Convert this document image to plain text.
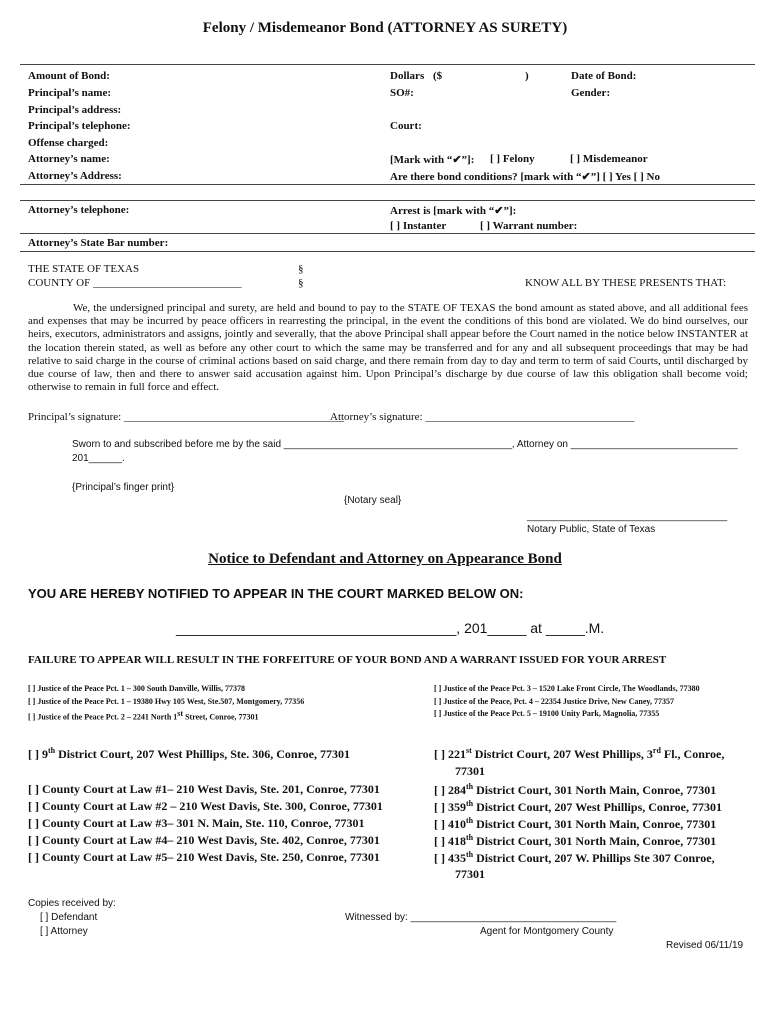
Felony / Misdemeanor Bond (ATTORNEY AS SURETY)
Amount of Bond:	Dollars ($	)	Date of Bond:
Principal’s name:	SO#:	Gender:
Principal’s address:
Principal’s telephone:	Court:
Offense charged:
Attorney’s name:	[Mark with “✔”]: [ ] Felony	[ ] Misdemeanor
Attorney’s Address:	Are there bond conditions? [mark with “✔”] [ ] Yes [ ] No
Attorney’s telephone:	Arrest is [mark with “✔”]:
[ ] Instanter	[ ] Warrant number:
Attorney’s State Bar number:
THE STATE OF TEXAS	§
COUNTY OF ___________________________	§	KNOW ALL BY THESE PRESENTS THAT:
We, the undersigned principal and surety, are held and bound to pay to the STATE OF TEXAS the bond amount as stated above, and all additional fees and expenses that may be incurred by peace officers in rearresting the principal, in the event the conditions of this bond are violated. We do bind ourselves, our heirs, executors, administrators and assigns, jointly and severally, that the above Principal shall appear before the Court named in the notice below INSTANTER at the location therein stated, as well as before any other court to which the same may be transferred and for any and all subsequent proceedings that may be had relative to said charge in the course of criminal actions based on said charge, and there remain from day to day and term to term of said Courts, until discharged by due course of law, then and there to answer said accusation against him. Upon Principal’s discharge by due course of law this obligation shall become void; otherwise to remain in full force and effect.
Principal’s signature: ________________________________________
Attorney’s signature: ______________________________________
Sworn to and subscribed before me by the said _________________________________________, Attorney on ______________________________
201______.
{Principal’s finger print}
{Notary seal}
____________________________________
Notary Public, State of Texas
Notice to Defendant and Attorney on Appearance Bond
YOU ARE HEREBY NOTIFIED TO APPEAR IN THE COURT MARKED BELOW ON:
____________________________________, 201_____ at _____.M.
FAILURE TO APPEAR WILL RESULT IN THE FORFEITURE OF YOUR BOND AND A WARRANT ISSUED FOR YOUR ARREST
[ ] Justice of the Peace Pct. 1 – 300 South Danville, Willis, 77378
[ ] Justice of the Peace Pct. 1 – 19380 Hwy 105 West, Ste.507, Montgomery, 77356
[ ] Justice of the Peace Pct. 2 – 2241 North 1st Street, Conroe, 77301
[ ] Justice of the Peace Pct. 3 – 1520 Lake Front Circle, The Woodlands, 77380
[ ] Justice of the Peace, Pct. 4 – 22354 Justice Drive, New Caney, 77357
[ ] Justice of the Peace Pct. 5 – 19100 Unity Park, Magnolia, 77355
[ ] 9th District Court, 207 West Phillips, Ste. 306, Conroe, 77301
[ ] County Court at Law #1– 210 West Davis, Ste. 201, Conroe, 77301
[ ] County Court at Law #2 – 210 West Davis, Ste. 300, Conroe, 77301
[ ] County Court at Law #3– 301 N. Main, Ste. 110, Conroe, 77301
[ ] County Court at Law #4– 210 West Davis, Ste. 402, Conroe, 77301
[ ] County Court at Law #5– 210 West Davis, Ste. 250, Conroe, 77301
[ ] 221st District Court, 207 West Phillips, 3rd Fl., Conroe,
77301
[ ] 284th District Court, 301 North Main, Conroe, 77301
[ ] 359th District Court, 207 West Phillips, Conroe, 77301
[ ] 410th District Court, 301 North Main, Conroe, 77301
[ ] 418th District Court, 301 North Main, Conroe, 77301
[ ] 435th District Court, 207 W. Phillips Ste 307 Conroe,
77301
Copies received by:
[ ] Defendant
[ ] Attorney
Witnessed by: _____________________________________
Agent for Montgomery County
Revised 06/11/19
